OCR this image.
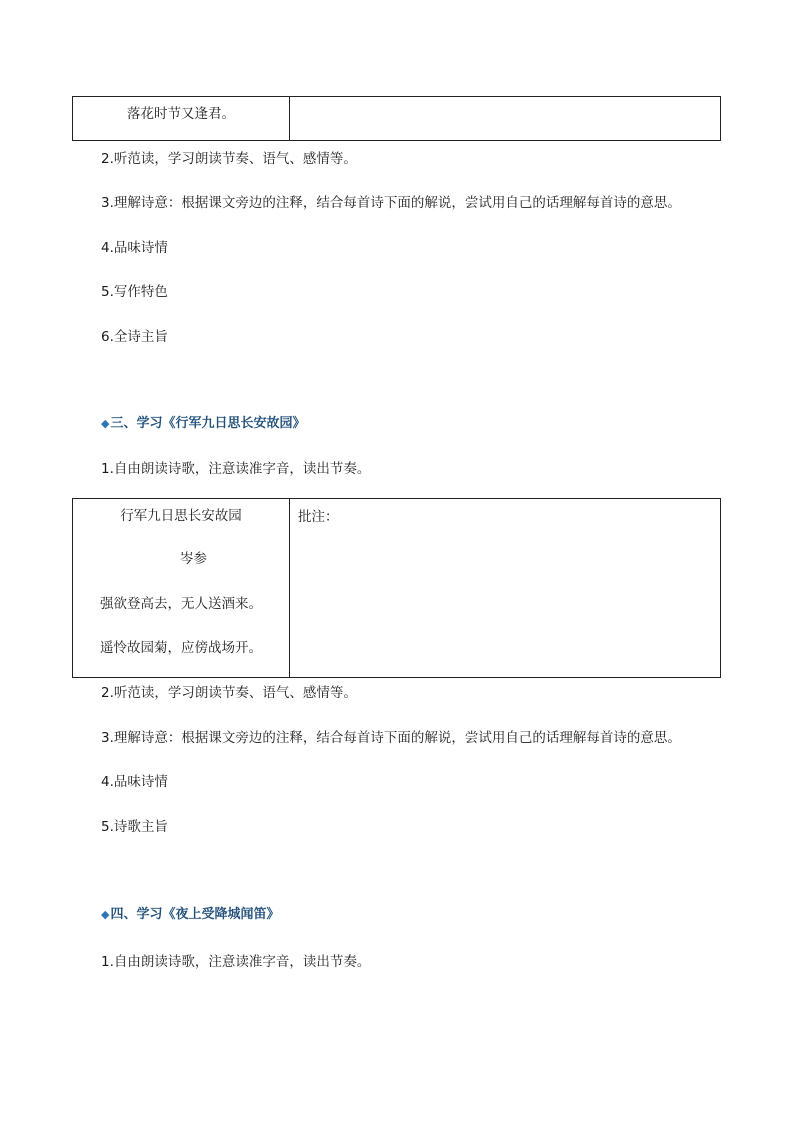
落花时节又逢君。
2.听范读，学习朗读节奏、语气、感情等。
3.理解诗意：根据课文旁边的注释，结合每首诗下面的解说，尝试用自己的话理解每首诗的意思。
4.品味诗情
5.写作特色
6.全诗主旨
◆三、学习《行军九日思长安故园》
1.自由朗读诗歌，注意读准字音，读出节奏。
行军九日思长安故园
岑参
强欲登高去，无人送酒来。
遥怜故园菊，应傍战场开。
批注：
2.听范读，学习朗读节奏、语气、感情等。
3.理解诗意：根据课文旁边的注释，结合每首诗下面的解说，尝试用自己的话理解每首诗的意思。
4.品味诗情
5.诗歌主旨
◆四、学习《夜上受降城闻笛》
1.自由朗读诗歌，注意读准字音，读出节奏。
